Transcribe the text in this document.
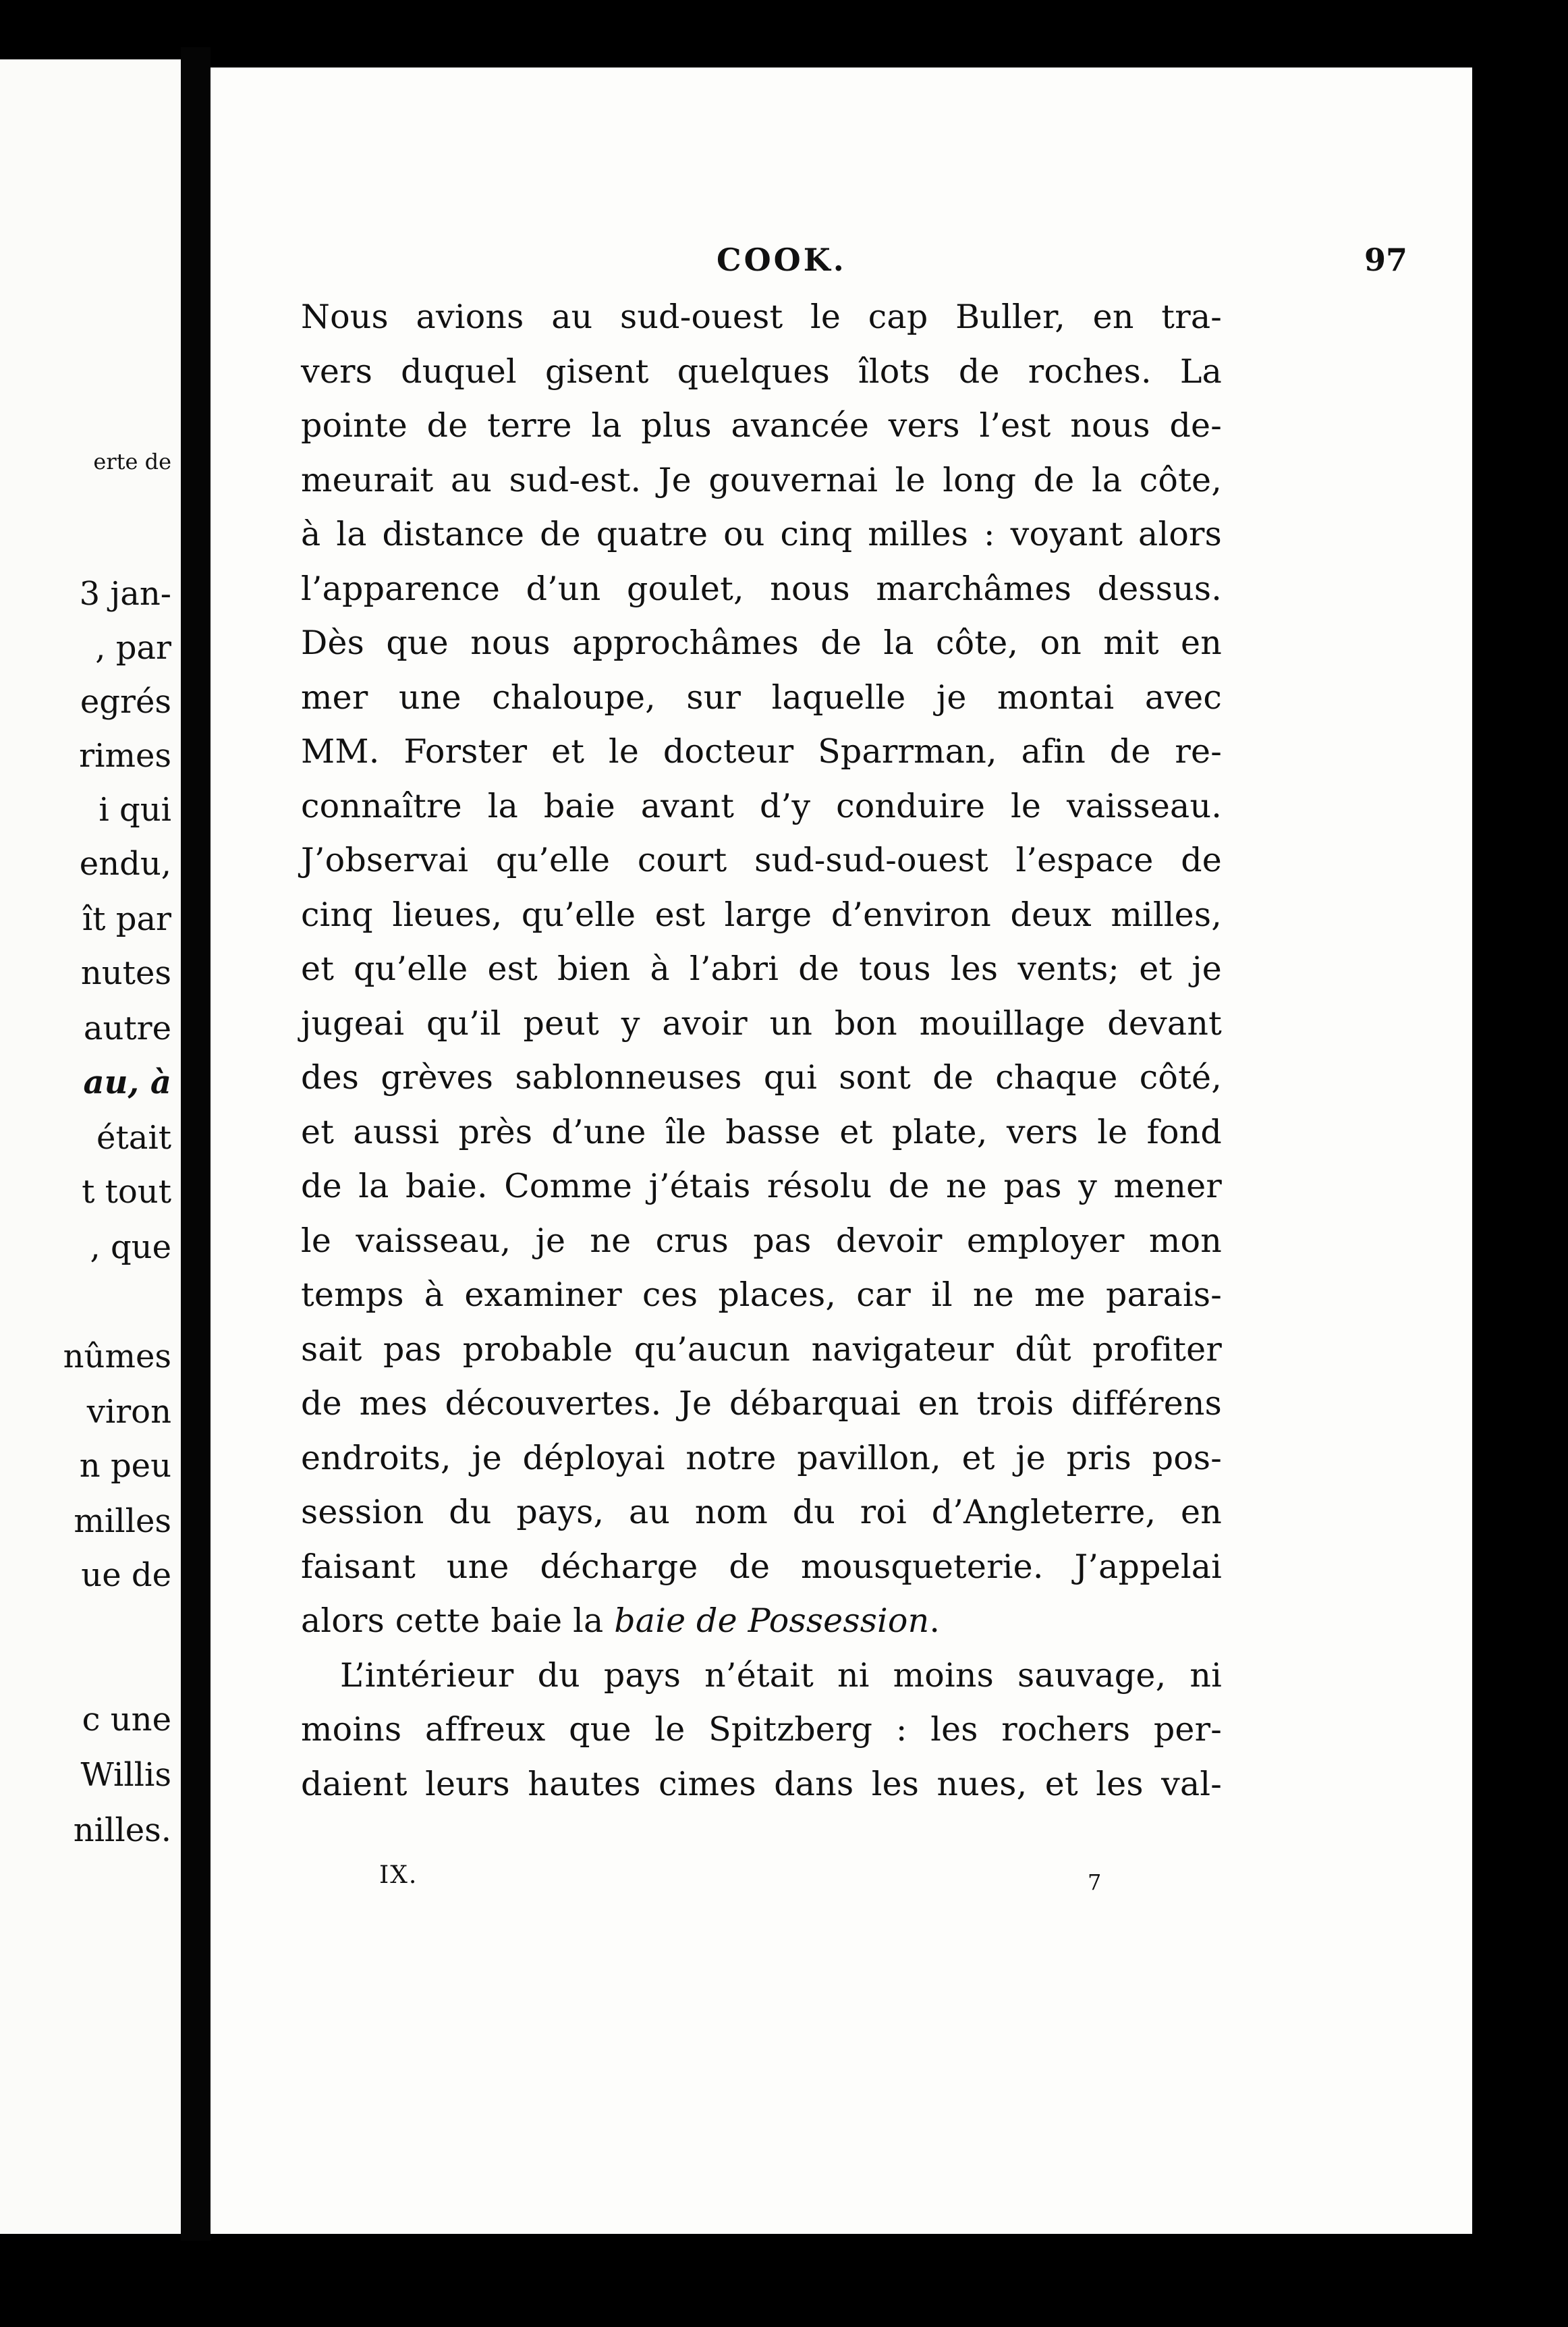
erte de
3 jan-
, par
egrés
rimes
i qui
endu,
ît par
nutes
autre
au, à
était
t tout
, que
nûmes
viron
n peu
milles
ue de
c une
Willis
nilles.
COOK.	97
Nous avions au sud-ouest le cap Buller, en tra-
vers duquel gisent quelques îlots de roches. La
pointe de terre la plus avancée vers l’est nous de-
meurait au sud-est. Je gouvernai le long de la côte,
à la distance de quatre ou cinq milles : voyant alors
l’apparence d’un goulet, nous marchâmes dessus.
Dès que nous approchâmes de la côte, on mit en
mer une chaloupe, sur laquelle je montai avec
MM. Forster et le docteur Sparrman, afin de re-
connaître la baie avant d’y conduire le vaisseau.
J’observai qu’elle court sud-sud-ouest l’espace de
cinq lieues, qu’elle est large d’environ deux milles,
et qu’elle est bien à l’abri de tous les vents; et je
jugeai qu’il peut y avoir un bon mouillage devant
des grèves sablonneuses qui sont de chaque côté,
et aussi près d’une île basse et plate, vers le fond
de la baie. Comme j’étais résolu de ne pas y mener
le vaisseau, je ne crus pas devoir employer mon
temps à examiner ces places, car il ne me parais-
sait pas probable qu’aucun navigateur dût profiter
de mes découvertes. Je débarquai en trois différens
endroits, je déployai notre pavillon, et je pris pos-
session du pays, au nom du roi d’Angleterre, en
faisant une décharge de mousqueterie. J’appelai
alors cette baie la baie de Possession.
L’intérieur du pays n’était ni moins sauvage, ni
moins affreux que le Spitzberg : les rochers per-
daient leurs hautes cimes dans les nues, et les val-
IX.	7
